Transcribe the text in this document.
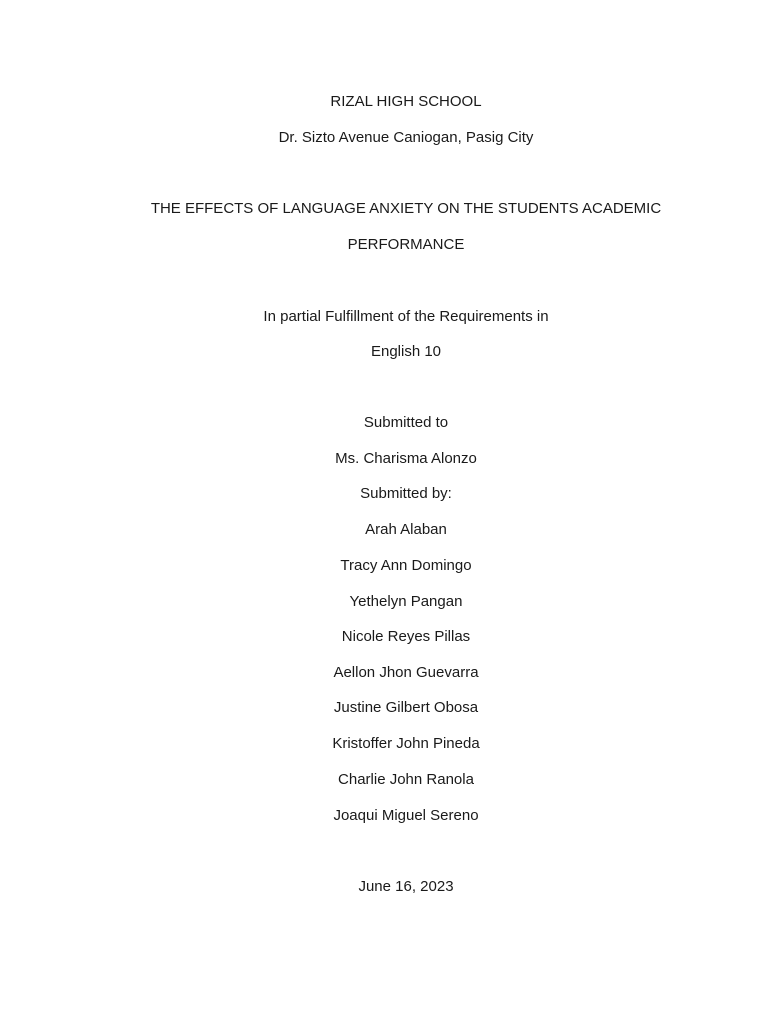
RIZAL HIGH SCHOOL
Dr. Sizto Avenue Caniogan, Pasig City
THE EFFECTS OF LANGUAGE ANXIETY ON THE STUDENTS ACADEMIC
PERFORMANCE
In partial Fulfillment of the Requirements in
English 10
Submitted to
Ms. Charisma Alonzo
Submitted by:
Arah Alaban
Tracy Ann Domingo
Yethelyn Pangan
Nicole Reyes Pillas
Aellon Jhon Guevarra
Justine Gilbert Obosa
Kristoffer John Pineda
Charlie John Ranola
Joaqui Miguel Sereno
June 16, 2023
